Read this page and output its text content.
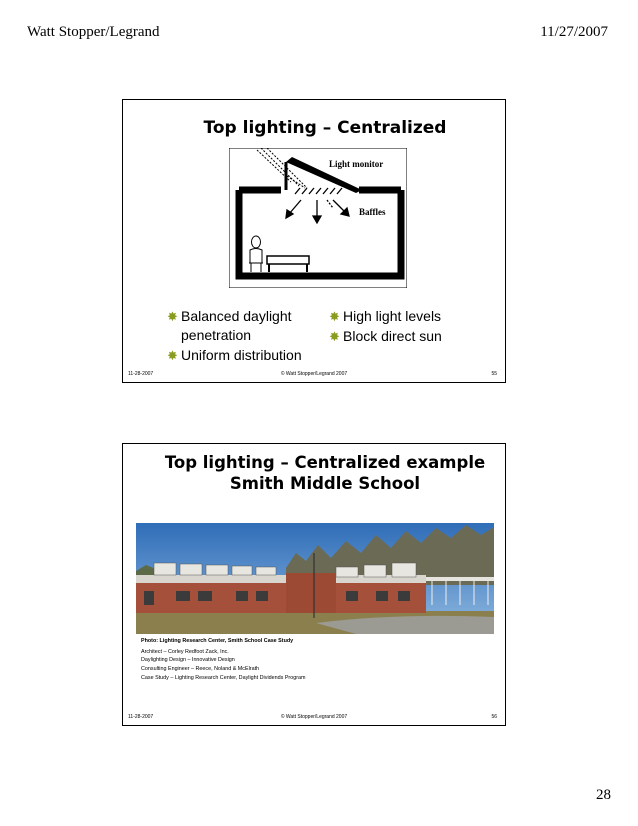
Watt Stopper/Legrand	11/27/2007
Top lighting – Centralized
Light monitor
Baffles
✸ Balanced daylight penetration
✸ Uniform distribution
✸ High light levels
✸ Block direct sun
11-28-2007	© Watt Stopper/Legrand 2007	55
Top lighting – Centralized example
Smith Middle School
Photo: Lighting Research Center, Smith School Case Study
Architect – Corley Redfoot Zack, Inc.
Daylighting Design – Innovative Design
Consulting Engineer – Reece, Noland & McElrath
Case Study – Lighting Research Center, Daylight Dividends Program
11-28-2007	© Watt Stopper/Legrand 2007	56
28
